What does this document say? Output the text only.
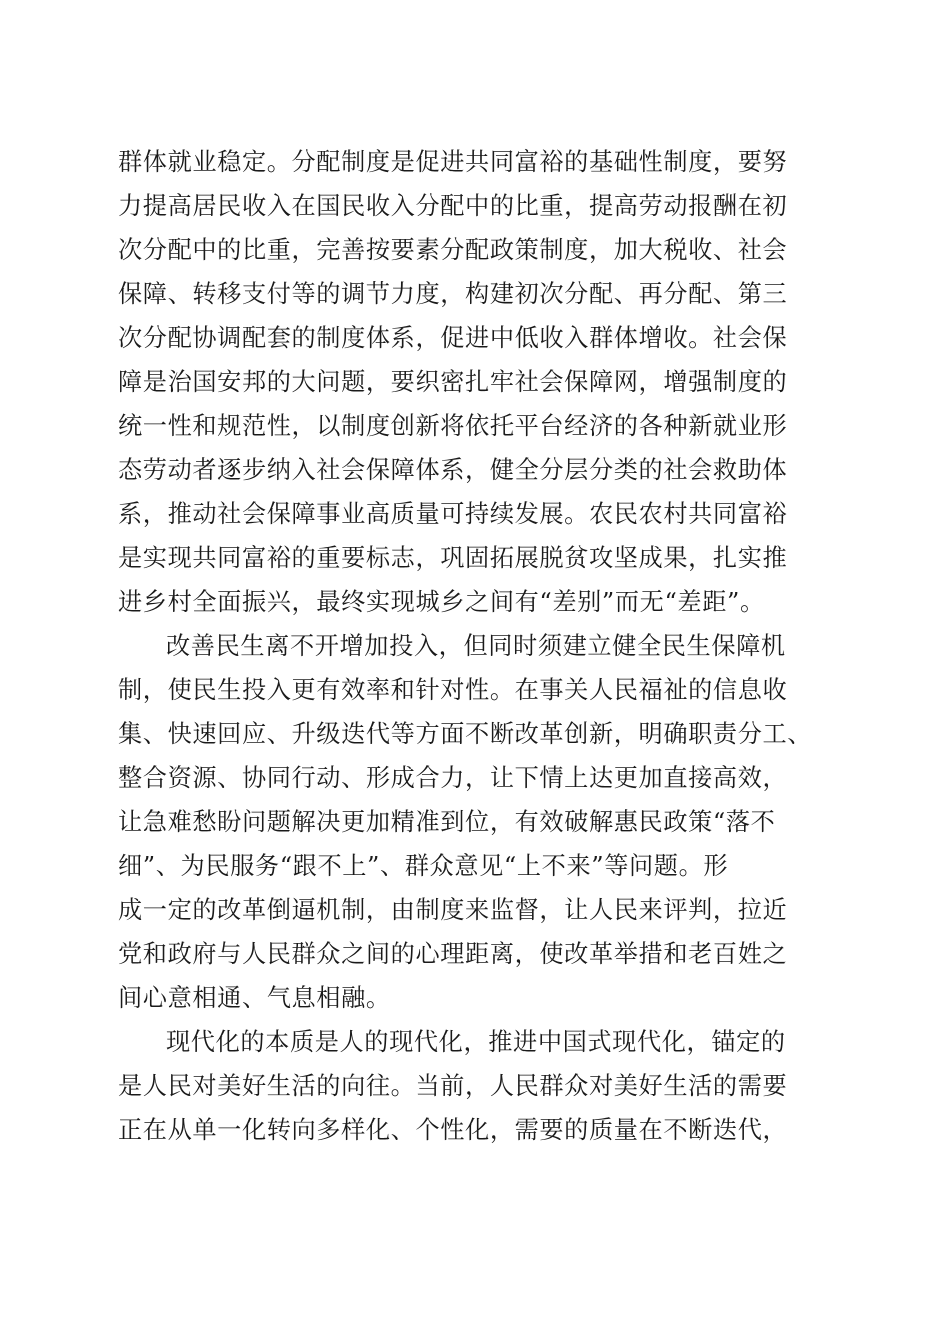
群体就业稳定。分配制度是促进共同富裕的基础性制度，要努
力提高居民收入在国民收入分配中的比重，提高劳动报酬在初
次分配中的比重，完善按要素分配政策制度，加大税收、社会
保障、转移支付等的调节力度，构建初次分配、再分配、第三
次分配协调配套的制度体系，促进中低收入群体增收。社会保
障是治国安邦的大问题，要织密扎牢社会保障网，增强制度的
统一性和规范性，以制度创新将依托平台经济的各种新就业形
态劳动者逐步纳入社会保障体系，健全分层分类的社会救助体
系，推动社会保障事业高质量可持续发展。农民农村共同富裕
是实现共同富裕的重要标志，巩固拓展脱贫攻坚成果，扎实推
进乡村全面振兴，最终实现城乡之间有“差别”而无“差距”。
改善民生离不开增加投入，但同时须建立健全民生保障机
制，使民生投入更有效率和针对性。在事关人民福祉的信息收
集、快速回应、升级迭代等方面不断改革创新，明确职责分工、
整合资源、协同行动、形成合力，让下情上达更加直接高效，
让急难愁盼问题解决更加精准到位，有效破解惠民政策“落不
细”、为民服务“跟不上”、群众意见“上不来”等问题。形
成一定的改革倒逼机制，由制度来监督，让人民来评判，拉近
党和政府与人民群众之间的心理距离，使改革举措和老百姓之
间心意相通、气息相融。
现代化的本质是人的现代化，推进中国式现代化，锚定的
是人民对美好生活的向往。当前，人民群众对美好生活的需要
正在从单一化转向多样化、个性化，需要的质量在不断迭代，
